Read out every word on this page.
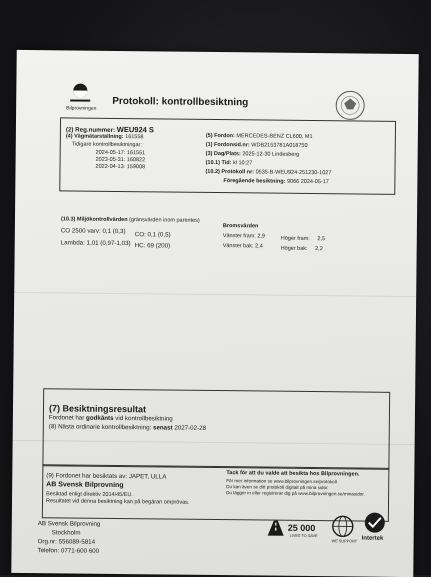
Bilprovningen
Protokoll: kontrollbesiktning
(2) Reg.nummer: WEU924 S
(4) Vägmätarställning: 161558
Tidigare kontrollbesiktningar:
2024-05-17: 161551
2023-05-31: 160822
2022-04-13: 159008
(5) Fordon: MERCEDES-BENZ CL600, M1
(1) Fordonsid.nr: WDB2153781A018750
(3) Dag/Plats: 2025-12-30 Lindesberg
(10.1) Tid: kl 10:27
(10.2) Protokoll nr: 0535-B-WEU924-251230-1027
Föregående besiktning: 9066 2024-05-17
(10.3) Miljökontrollvärden (gränsvärden inom parentes)
CO 2500 varv: 0,1 (0,3) CO: 0,1 (0,5)
Lambda: 1,01 (0,97-1,03) HC: 69 (200)
Bromsvärden
Vänster fram: 2,9	Höger fram: 2,5
Vänster bak: 2,4	Höger bak: 2,2
(7) Besiktningsresultat
Fordonet har godkänts vid kontrollbesiktning
(8) Nästa ordinarie kontrollbesiktning: senast 2027-02-28
(9) Fordonet har besiktats av: JAPET, ULLA
AB Svensk Bilprovning
Besiktad enligt direktiv 2014/45/EU.
Resultatet vid denna besiktning kan på begäran omprövas.
Tack för att du valde att besikta hos Bilprovningen.
För mer information se www.bilprovningen.se/protokoll
Du kan även se ditt protokoll digitalt på mina sidor.
Du lägger in eller registrerar dig på www.bilprovningen.se/minasidor.
AB Svensk Bilprovning
Stockholm
Org.nr: 556089-5814
Telefon: 0771-600 600
25 000
LIVES TO SAVE
WE SUPPORT Intertek
